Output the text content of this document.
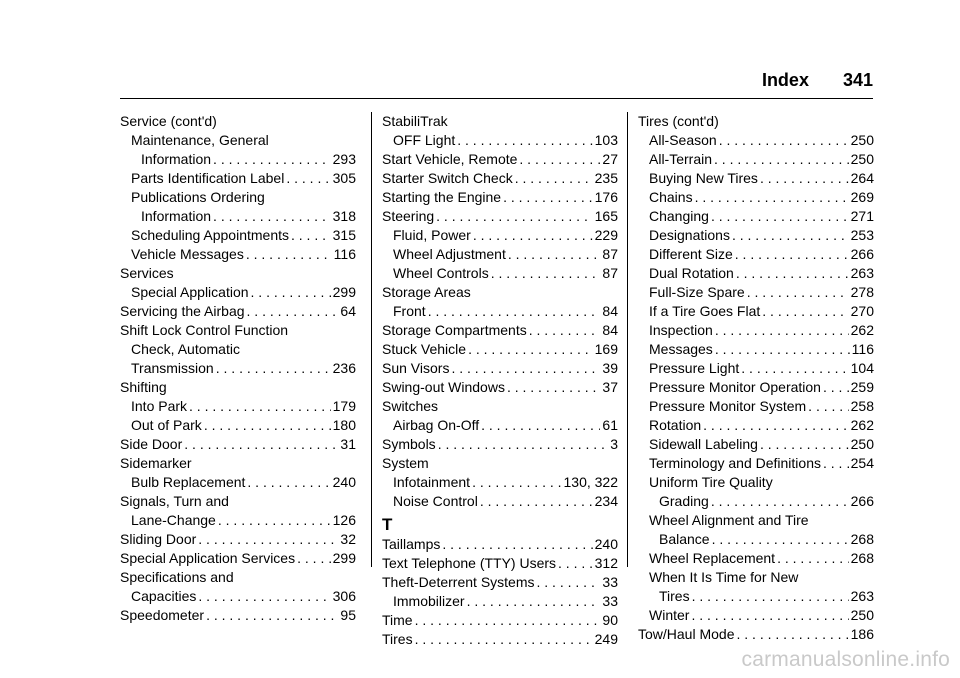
Index 341
Service (cont'd)
Maintenance, General
Information . . .	293
Parts Identification Label . . .	305
Publications Ordering
Information . . .	318
Scheduling Appointments . . .	315
Vehicle Messages . . .	116
Services
Special Application . . .	299
Servicing the Airbag . . .	64
Shift Lock Control Function
Check, Automatic
Transmission . . .	236
Shifting
Into Park . . .	179
Out of Park . . .	180
Side Door . . .	31
Sidemarker
Bulb Replacement . . .	240
Signals, Turn and
Lane-Change . . .	126
Sliding Door . . .	32
Special Application Services . . .	299
Specifications and
Capacities . . .	306
Speedometer . . .	95
StabiliTrak
OFF Light . . .	103
Start Vehicle, Remote . . .	27
Starter Switch Check . . .	235
Starting the Engine . . .	176
Steering . . .	165
Fluid, Power . . .	229
Wheel Adjustment . . .	87
Wheel Controls . . .	87
Storage Areas
Front . . .	84
Storage Compartments . . .	84
Stuck Vehicle . . .	169
Sun Visors . . .	39
Swing-out Windows . . .	37
Switches
Airbag On-Off . . .	61
Symbols . . .	3
System
Infotainment . . .	130, 322
Noise Control . . .	234
T
Taillamps . . .	240
Text Telephone (TTY) Users . . .	312
Theft-Deterrent Systems . . .	33
Immobilizer . . .	33
Time . . .	90
Tires . . .	249
Tires (cont'd)
All-Season . . .	250
All-Terrain . . .	250
Buying New Tires . . .	264
Chains . . .	269
Changing . . .	271
Designations . . .	253
Different Size . . .	266
Dual Rotation . . .	263
Full-Size Spare . . .	278
If a Tire Goes Flat . . .	270
Inspection . . .	262
Messages . . .	116
Pressure Light . . .	104
Pressure Monitor Operation . . . 259
Pressure Monitor System . . .	258
Rotation . . .	262
Sidewall Labeling . . .	250
Terminology and Definitions . . . 254
Uniform Tire Quality
Grading . . .	266
Wheel Alignment and Tire
Balance . . .	268
Wheel Replacement . . .	268
When It Is Time for New
Tires . . .	263
Winter . . .	250
Tow/Haul Mode . . .	186
carmanualsonline.info
